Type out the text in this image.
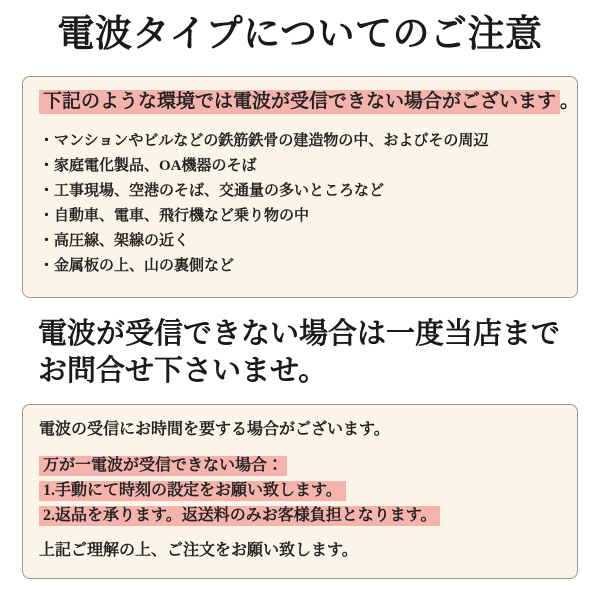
電波タイプについてのご注意
下記のような環境では電波が受信できない場合がございます 。
・マンションやビルなどの鉄筋鉄骨の建造物の中、およびその周辺
・家庭電化製品、OA機器のそば
・工事現場、空港のそば、交通量の多いところなど
・自動車、電車、飛行機など乗り物の中
・高圧線、架線の近く
・金属板の上、山の裏側など
電波が受信できない場合は一度当店まで
お問合せ下さいませ。
電波の受信にお時間を要する場合がございます。
万が一電波が受信できない場合：
1.手動にて時刻の設定をお願い致します。
2.返品を承ります。返送料のみお客様負担となります。
上記ご理解の上、ご注文をお願い致します。
